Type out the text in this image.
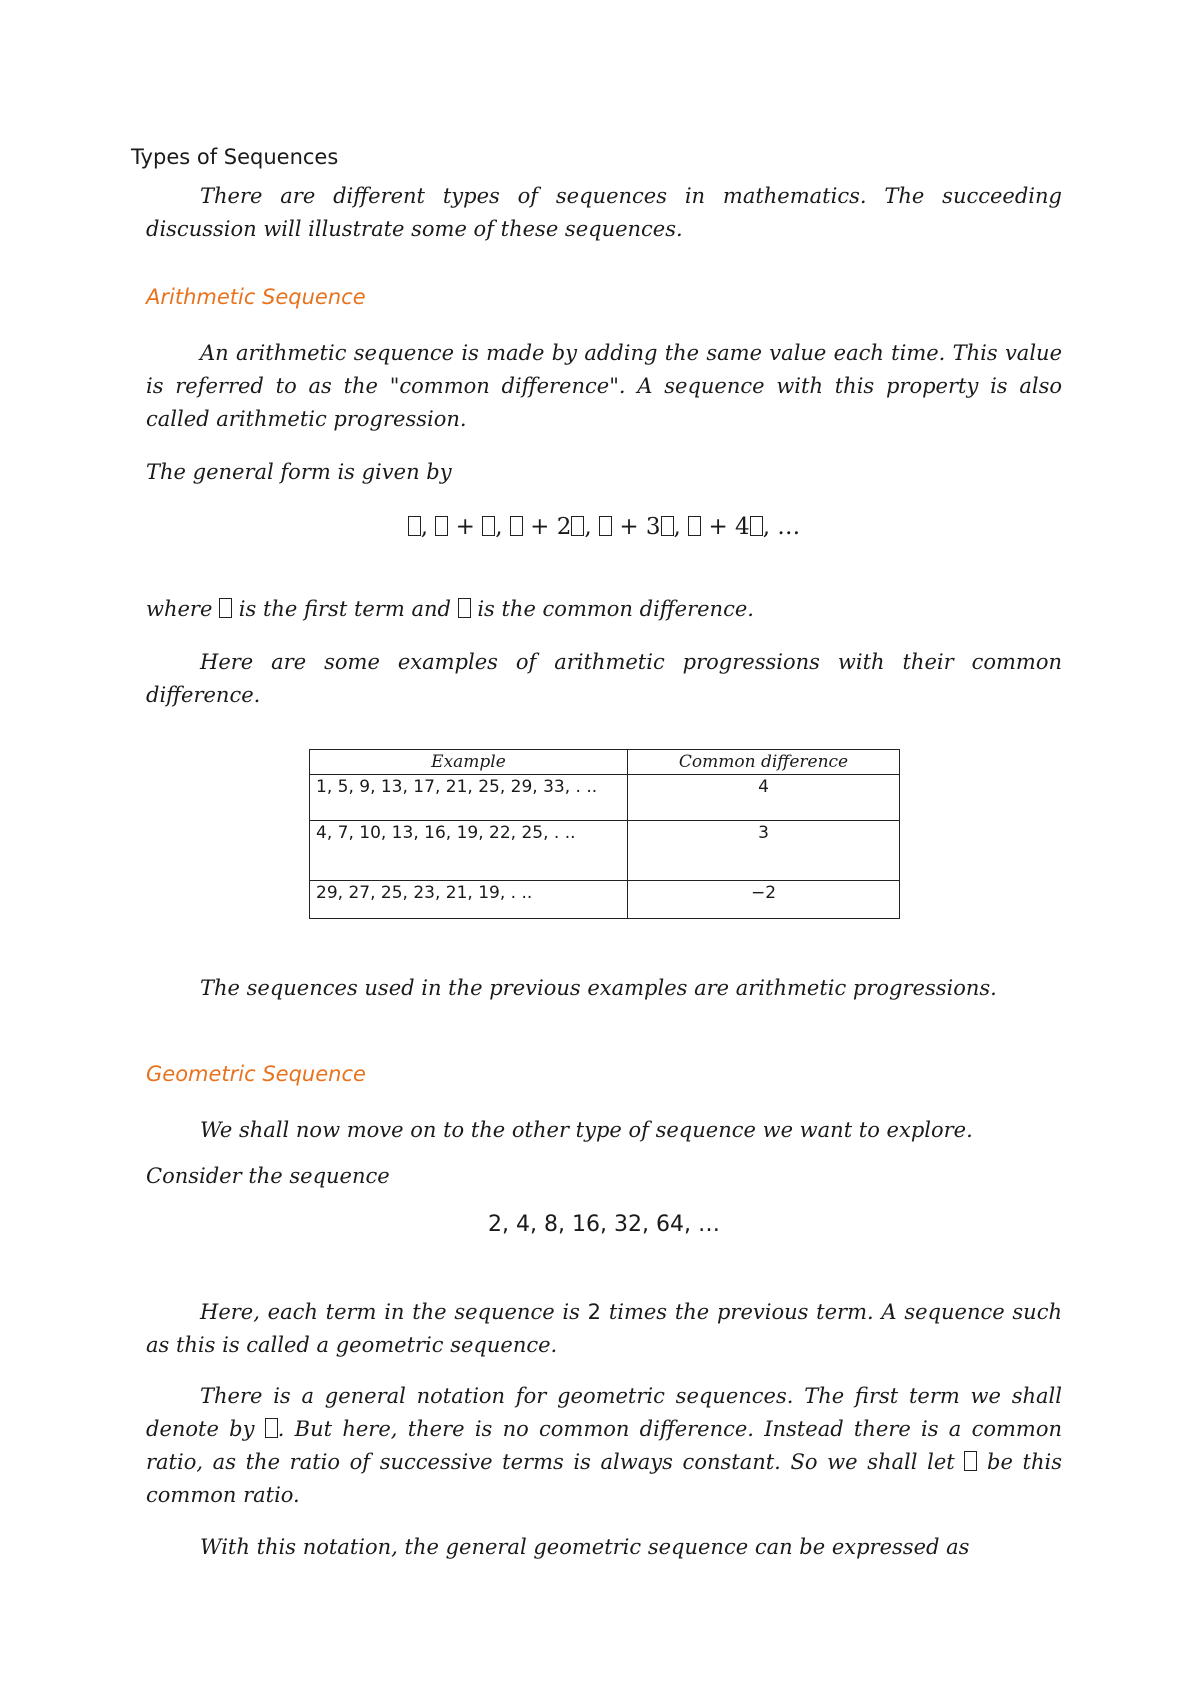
Types of Sequences

There are different types of sequences in mathematics. The succeeding discussion will illustrate some of these sequences.

Arithmetic Sequence

An arithmetic sequence is made by adding the same value each time. This value is referred to as the "common difference". A sequence with this property is also called arithmetic progression.

The general form is given by

, + , + 2 , + 3 , + 4 , …

where is the first term and is the common difference.

Here are some examples of arithmetic progressions with their common difference.

Example	Common difference
1, 5, 9, 13, 17, 21, 25, 29, 33, . ..	4
4, 7, 10, 13, 16, 19, 22, 25, . ..	3
29, 27, 25, 23, 21, 19, . ..	−2

The sequences used in the previous examples are arithmetic progressions.

Geometric Sequence

We shall now move on to the other type of sequence we want to explore.

Consider the sequence

2, 4, 8, 16, 32, 64, …

Here, each term in the sequence is 2 times the previous term. A sequence such as this is called a geometric sequence.

There is a general notation for geometric sequences. The first term we shall denote by . But here, there is no common difference. Instead there is a common ratio, as the ratio of successive terms is always constant. So we shall let be this common ratio.

With this notation, the general geometric sequence can be expressed as
